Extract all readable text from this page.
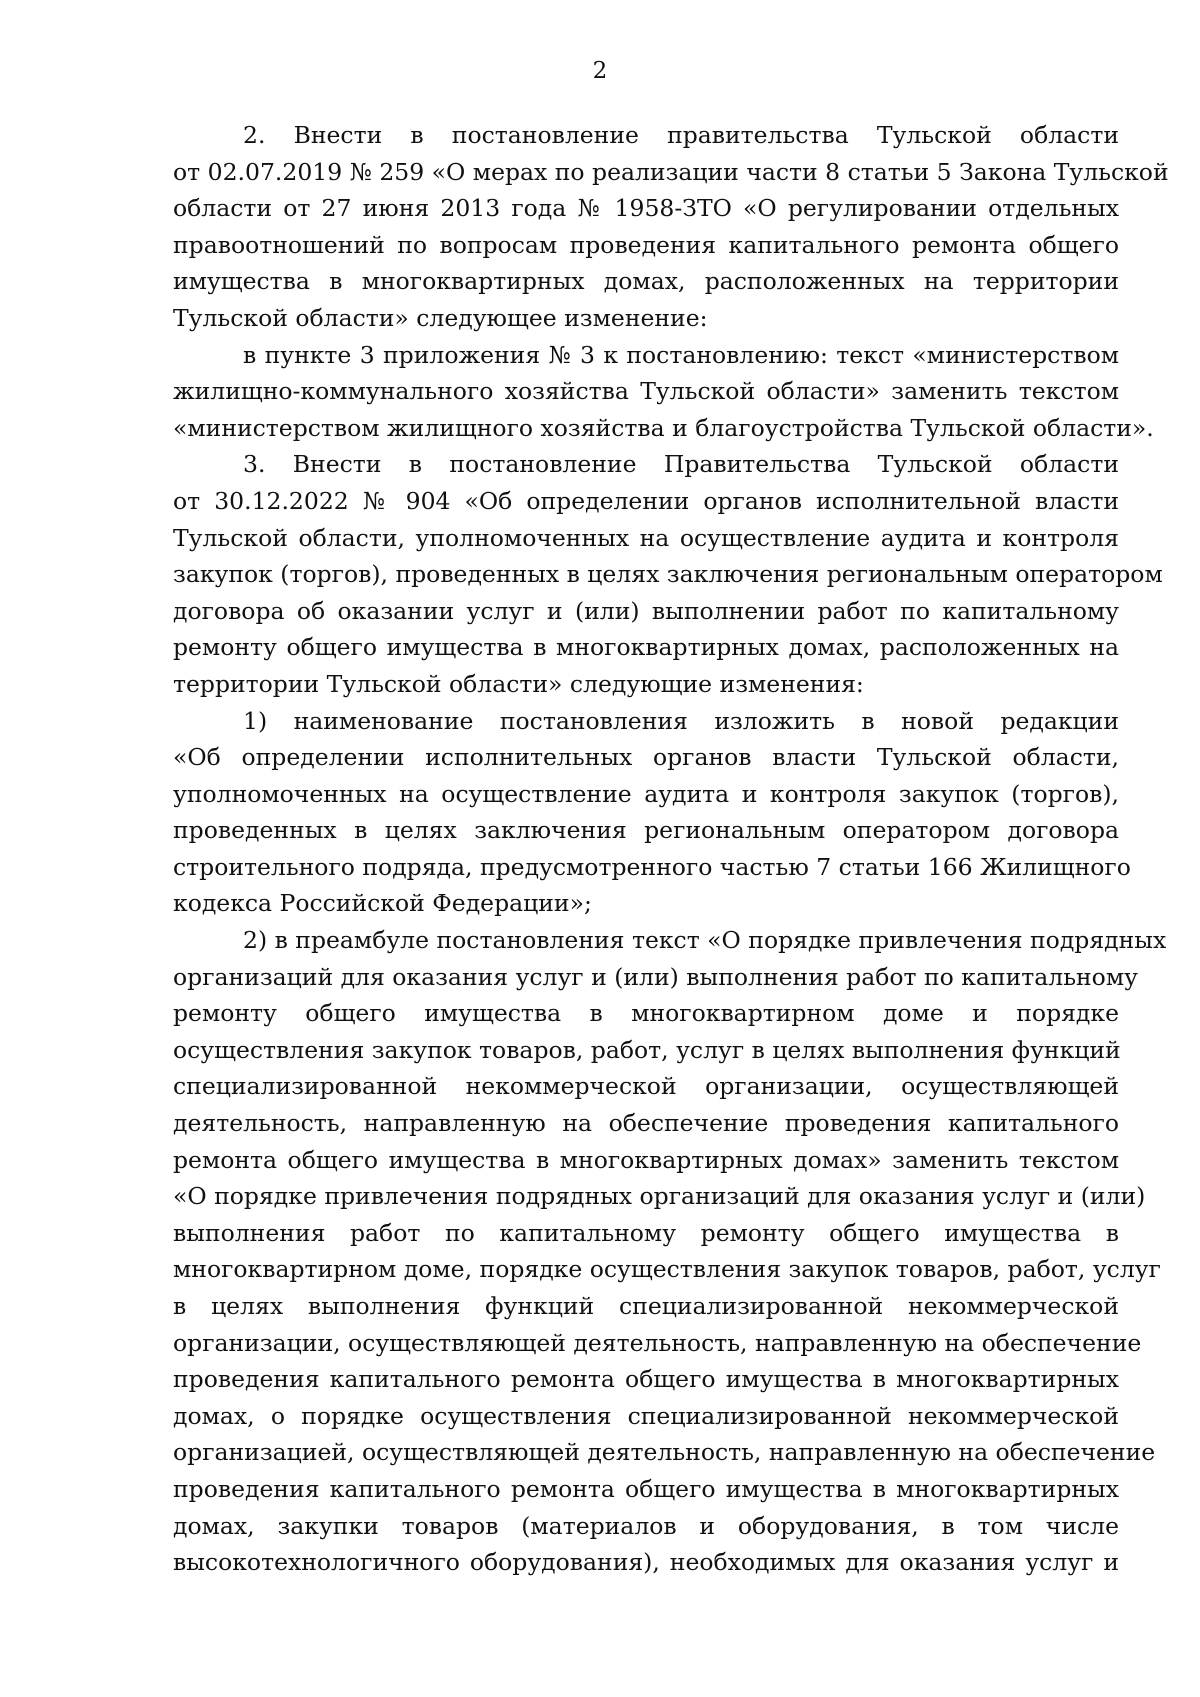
2

2. Внести в постановление правительства Тульской области
от 02.07.2019 № 259 «О мерах по реализации части 8 статьи 5 Закона Тульской
области от 27 июня 2013 года № 1958-ЗТО «О регулировании отдельных
правоотношений по вопросам проведения капитального ремонта общего
имущества в многоквартирных домах, расположенных на территории
Тульской области» следующее изменение:

в пункте 3 приложения № 3 к постановлению: текст «министерством
жилищно-коммунального хозяйства Тульской области» заменить текстом
«министерством жилищного хозяйства и благоустройства Тульской области».

3. Внести в постановление Правительства Тульской области
от 30.12.2022 № 904 «Об определении органов исполнительной власти
Тульской области, уполномоченных на осуществление аудита и контроля
закупок (торгов), проведенных в целях заключения региональным оператором
договора об оказании услуг и (или) выполнении работ по капитальному
ремонту общего имущества в многоквартирных домах, расположенных на
территории Тульской области» следующие изменения:

1) наименование постановления изложить в новой редакции
«Об определении исполнительных органов власти Тульской области,
уполномоченных на осуществление аудита и контроля закупок (торгов),
проведенных в целях заключения региональным оператором договора
строительного подряда, предусмотренного частью 7 статьи 166 Жилищного
кодекса Российской Федерации»;

2) в преамбуле постановления текст «О порядке привлечения подрядных
организаций для оказания услуг и (или) выполнения работ по капитальному
ремонту общего имущества в многоквартирном доме и порядке
осуществления закупок товаров, работ, услуг в целях выполнения функций
специализированной некоммерческой организации, осуществляющей
деятельность, направленную на обеспечение проведения капитального
ремонта общего имущества в многоквартирных домах» заменить текстом
«О порядке привлечения подрядных организаций для оказания услуг и (или)
выполнения работ по капитальному ремонту общего имущества в
многоквартирном доме, порядке осуществления закупок товаров, работ, услуг
в целях выполнения функций специализированной некоммерческой
организации, осуществляющей деятельность, направленную на обеспечение
проведения капитального ремонта общего имущества в многоквартирных
домах, о порядке осуществления специализированной некоммерческой
организацией, осуществляющей деятельность, направленную на обеспечение
проведения капитального ремонта общего имущества в многоквартирных
домах, закупки товаров (материалов и оборудования, в том числе
высокотехнологичного оборудования), необходимых для оказания услуг и
